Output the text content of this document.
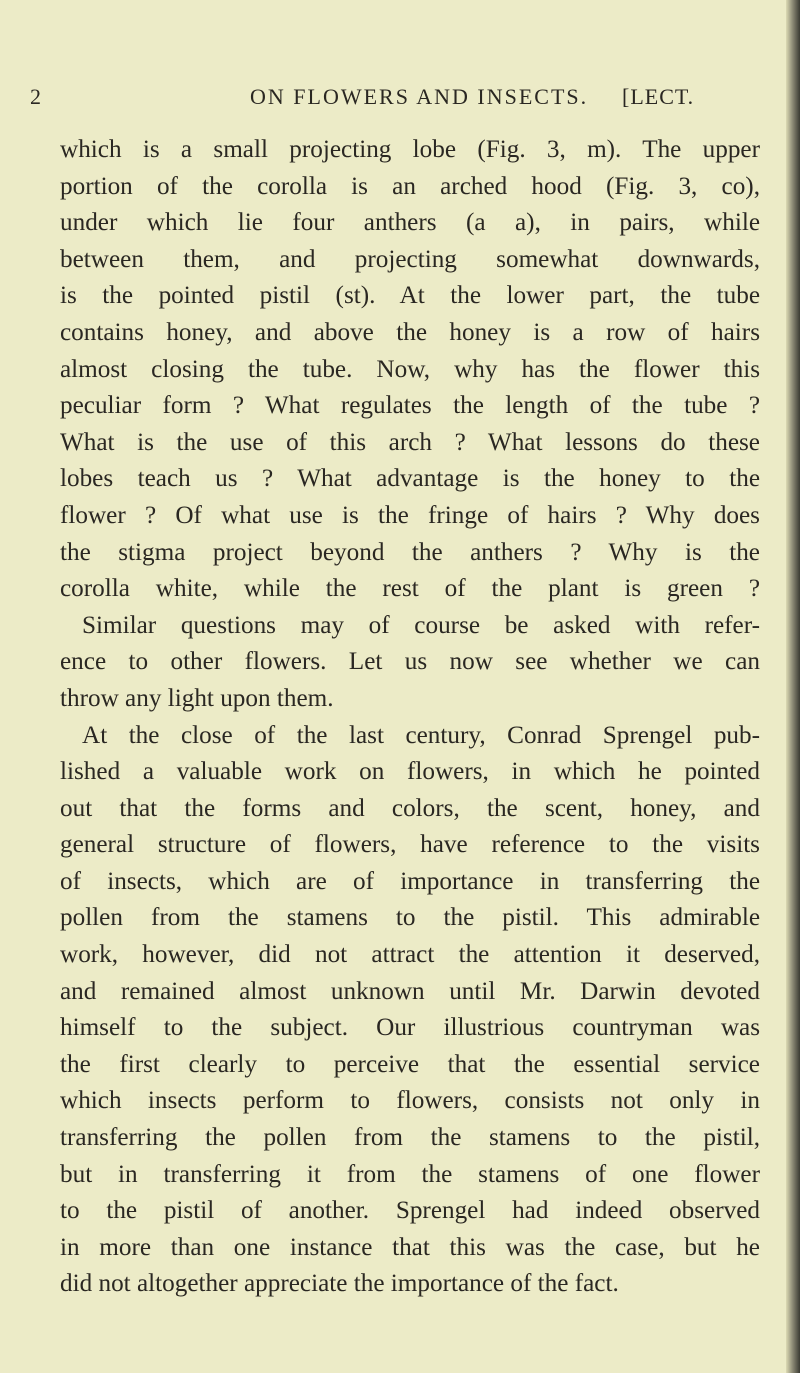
2	ON FLOWERS AND INSECTS. [LECT.
which is a small projecting lobe (Fig. 3, m). The upper
portion of the corolla is an arched hood (Fig. 3, co),
under which lie four anthers (a a), in pairs, while
between them, and projecting somewhat downwards,
is the pointed pistil (st). At the lower part, the tube
contains honey, and above the honey is a row of hairs
almost closing the tube. Now, why has the flower this
peculiar form ? What regulates the length of the tube ?
What is the use of this arch ? What lessons do these
lobes teach us ? What advantage is the honey to the
flower ? Of what use is the fringe of hairs ? Why does
the stigma project beyond the anthers ? Why is the
corolla white, while the rest of the plant is green ?
Similar questions may of course be asked with refer-
ence to other flowers. Let us now see whether we can
throw any light upon them.
At the close of the last century, Conrad Sprengel pub-
lished a valuable work on flowers, in which he pointed
out that the forms and colors, the scent, honey, and
general structure of flowers, have reference to the visits
of insects, which are of importance in transferring the
pollen from the stamens to the pistil. This admirable
work, however, did not attract the attention it deserved,
and remained almost unknown until Mr. Darwin devoted
himself to the subject. Our illustrious countryman was
the first clearly to perceive that the essential service
which insects perform to flowers, consists not only in
transferring the pollen from the stamens to the pistil,
but in transferring it from the stamens of one flower
to the pistil of another. Sprengel had indeed observed
in more than one instance that this was the case, but he
did not altogether appreciate the importance of the fact.
